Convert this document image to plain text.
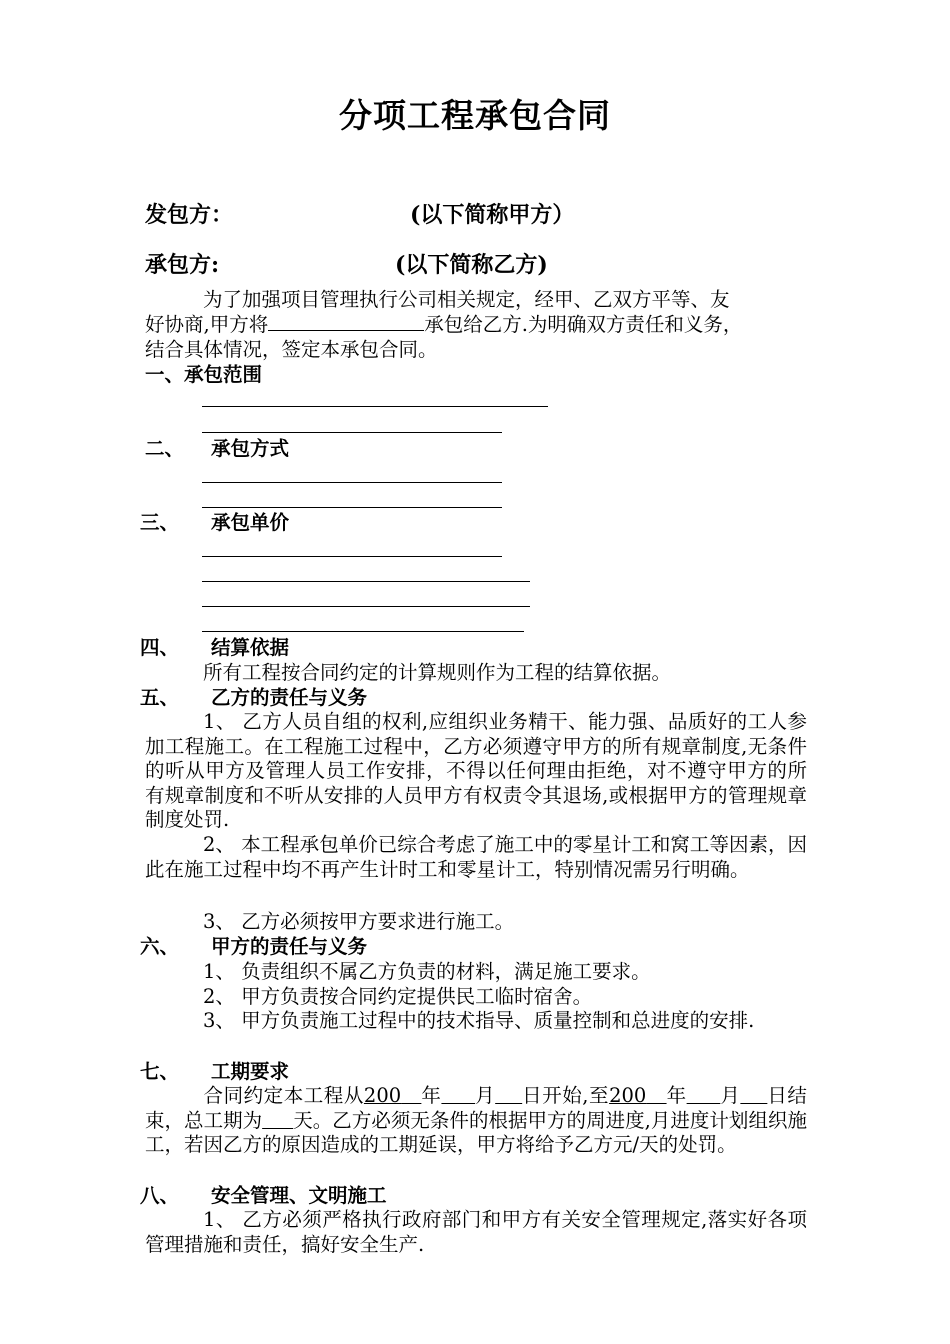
分项工程承包合同
发包方：	(以下简称甲方）
承包方:	(以下简称乙方)
为了加强项目管理执行公司相关规定，经甲、乙双方平等、友
好协商,甲方将	承包给乙方.为明确双方责任和义务，
结合具体情况，签定本承包合同。
一、承包范围
二、 承包方式
三、 承包单价
四、 结算依据
所有工程按合同约定的计算规则作为工程的结算依据。
五、 乙方的责任与义务
1、 乙方人员自组的权利,应组织业务精干、能力强、品质好的工人参加工程施工。在工程施工过程中，乙方必须遵守甲方的所有规章制度,无条件的听从甲方及管理人员工作安排，不得以任何理由拒绝，对不遵守甲方的所有规章制度和不听从安排的人员甲方有权责令其退场,或根据甲方的管理规章制度处罚.
2、 本工程承包单价已综合考虑了施工中的零星计工和窝工等因素，因此在施工过程中均不再产生计时工和零星计工，特别情况需另行明确。
3、 乙方必须按甲方要求进行施工。
六、 甲方的责任与义务
1、 负责组织不属乙方负责的材料，满足施工要求。
2、 甲方负责按合同约定提供民工临时宿舍。
3、 甲方负责施工过程中的技术指导、质量控制和总进度的安排.
七、 工期要求
合同约定本工程从200 年 月 日开始,至200 年 月 日结束，总工期为 天。乙方必须无条件的根据甲方的周进度,月进度计划组织施工，若因乙方的原因造成的工期延误，甲方将给予乙方元/天的处罚。
八、 安全管理、文明施工
1、 乙方必须严格执行政府部门和甲方有关安全管理规定,落实好各项管理措施和责任，搞好安全生产.
